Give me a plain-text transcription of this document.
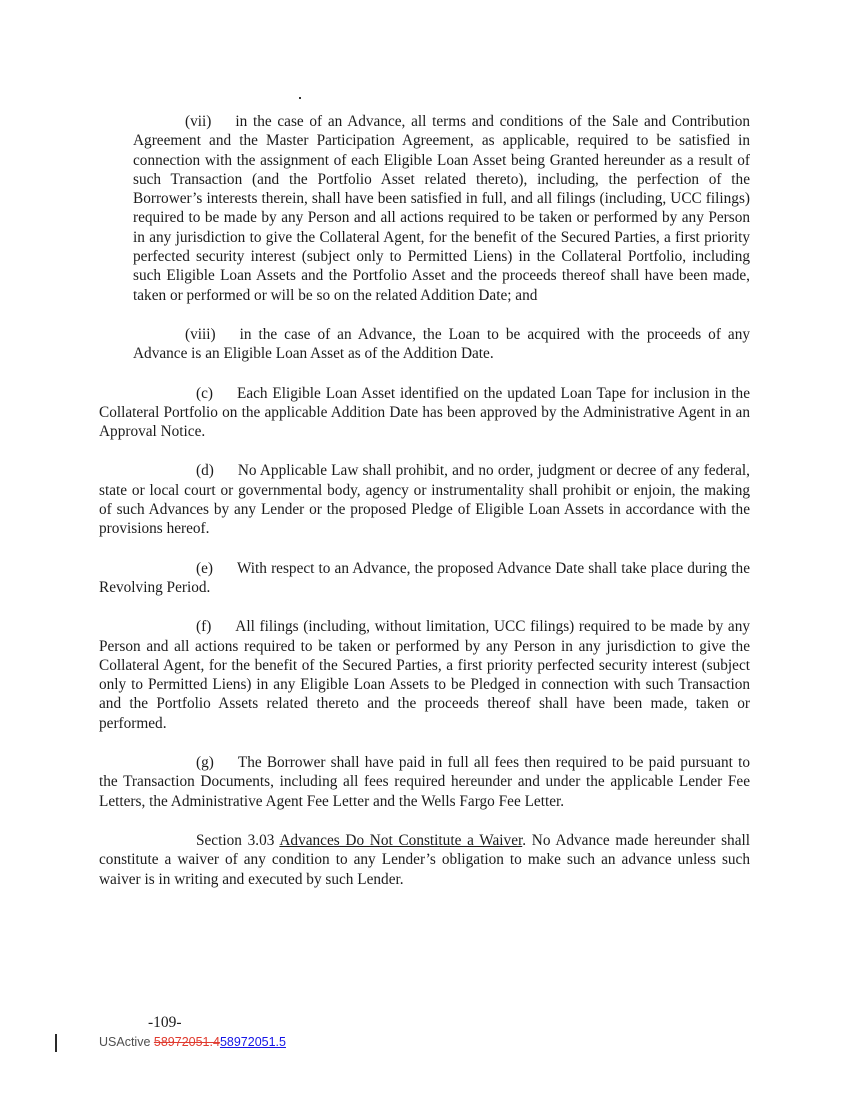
(vii) in the case of an Advance, all terms and conditions of the Sale and Contribution Agreement and the Master Participation Agreement, as applicable, required to be satisfied in connection with the assignment of each Eligible Loan Asset being Granted hereunder as a result of such Transaction (and the Portfolio Asset related thereto), including, the perfection of the Borrower’s interests therein, shall have been satisfied in full, and all filings (including, UCC filings) required to be made by any Person and all actions required to be taken or performed by any Person in any jurisdiction to give the Collateral Agent, for the benefit of the Secured Parties, a first priority perfected security interest (subject only to Permitted Liens) in the Collateral Portfolio, including such Eligible Loan Assets and the Portfolio Asset and the proceeds thereof shall have been made, taken or performed or will be so on the related Addition Date; and

(viii) in the case of an Advance, the Loan to be acquired with the proceeds of any Advance is an Eligible Loan Asset as of the Addition Date.

(c) Each Eligible Loan Asset identified on the updated Loan Tape for inclusion in the Collateral Portfolio on the applicable Addition Date has been approved by the Administrative Agent in an Approval Notice.

(d) No Applicable Law shall prohibit, and no order, judgment or decree of any federal, state or local court or governmental body, agency or instrumentality shall prohibit or enjoin, the making of such Advances by any Lender or the proposed Pledge of Eligible Loan Assets in accordance with the provisions hereof.

(e) With respect to an Advance, the proposed Advance Date shall take place during the Revolving Period.

(f) All filings (including, without limitation, UCC filings) required to be made by any Person and all actions required to be taken or performed by any Person in any jurisdiction to give the Collateral Agent, for the benefit of the Secured Parties, a first priority perfected security interest (subject only to Permitted Liens) in any Eligible Loan Assets to be Pledged in connection with such Transaction and the Portfolio Assets related thereto and the proceeds thereof shall have been made, taken or performed.

(g) The Borrower shall have paid in full all fees then required to be paid pursuant to the Transaction Documents, including all fees required hereunder and under the applicable Lender Fee Letters, the Administrative Agent Fee Letter and the Wells Fargo Fee Letter.

Section 3.03 Advances Do Not Constitute a Waiver. No Advance made hereunder shall constitute a waiver of any condition to any Lender’s obligation to make such an advance unless such waiver is in writing and executed by such Lender.

-109-
USActive 58972051.458972051.5
